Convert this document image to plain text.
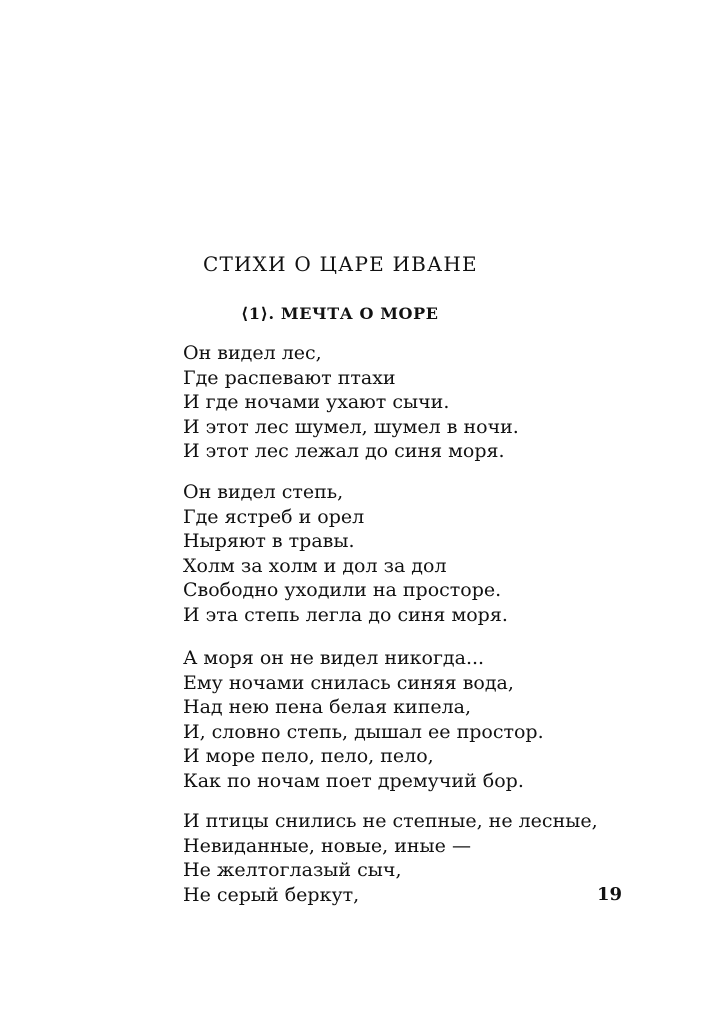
СТИХИ О ЦАРЕ ИВАНЕ
⟨1⟩. МЕЧТА О МОРЕ
Он видел лес,
Где распевают птахи
И где ночами ухают сычи.
И этот лес шумел, шумел в ночи.
И этот лес лежал до синя моря.
Он видел степь,
Где ястреб и орел
Ныряют в травы.
Холм за холм и дол за дол
Свободно уходили на просторе.
И эта степь легла до синя моря.
А моря он не видел никогда...
Ему ночами снилась синяя вода,
Над нею пена белая кипела,
И, словно степь, дышал ее простор.
И море пело, пело, пело,
Как по ночам поет дремучий бор.
И птицы снились не степные, не лесные,
Невиданные, новые, иные —
Не желтоглазый сыч,
Не серый беркут,	19
